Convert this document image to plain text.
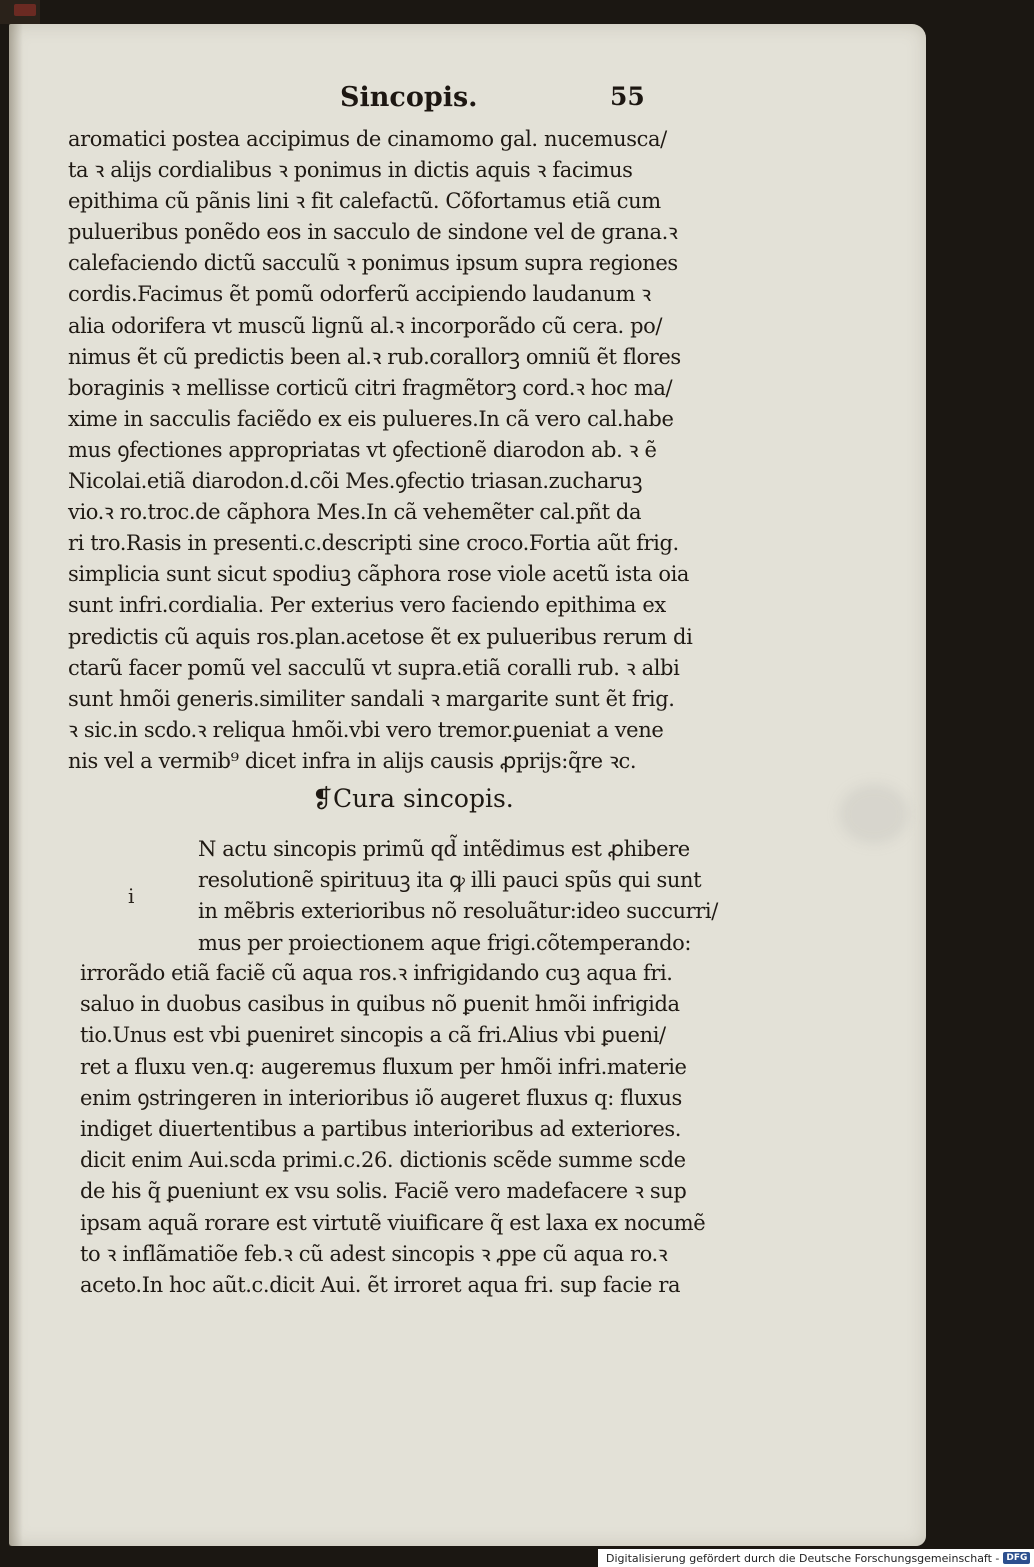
Sincopis.	55
aromatici postea accipimus de cinamomo gal. nucemusca/
ta ꝛ alijs cordialibus ꝛ ponimus in dictis aquis ꝛ facimus
epithima cũ pãnis lini ꝛ fit calefactũ. Cõfortamus etiã cum
pulueribus ponẽdo eos in sacculo de sindone vel de grana.ꝛ
calefaciendo dictũ sacculũ ꝛ ponimus ipsum supra regiones
cordis.Facimus ẽt pomũ odorferũ accipiendo laudanum ꝛ
alia odorifera vt muscũ lignũ al.ꝛ incorporãdo cũ cera. po/
nimus ẽt cũ predictis been al.ꝛ rub.corallorꝫ omniũ ẽt flores
boraginis ꝛ mellisse corticũ citri fragmẽtorꝫ cord.ꝛ hoc ma/
xime in sacculis faciẽdo ex eis pulueres.In cã vero cal.habe
mus ꝯfectiones appropriatas vt ꝯfectionẽ diarodon ab. ꝛ ẽ
Nicolai.etiã diarodon.d.cõi Mes.ꝯfectio triasan.zucharuꝫ
vio.ꝛ ro.troc.de cãphora Mes.In cã vehemẽter cal.pñt da
ri tro.Rasis in presenti.c.descripti sine croco.Fortia aũt frig.
simplicia sunt sicut spodiuꝫ cãphora rose viole acetũ ista oia
sunt infri.cordialia. Per exterius vero faciendo epithima ex
predictis cũ aquis ros.plan.acetose ẽt ex pulueribus rerum di
ctarũ facer pomũ vel sacculũ vt supra.etiã coralli rub. ꝛ albi
sunt hmõi generis.similiter sandali ꝛ margarite sunt ẽt frig.
ꝛ sic.in scdo.ꝛ reliqua hmõi.vbi vero tremor.ꝑueniat a vene
nis vel a vermib⁹ dicet infra in alijs causis ꝓprijs:q̃re ꝛc.
❡Cura sincopis.
i
N actu sincopis primũ qd̃ intẽdimus est ꝓhibere
resolutionẽ spirituuꝫ ita ꝙ illi pauci spũs qui sunt
in mẽbris exterioribus nõ resoluãtur:ideo succurri/
mus per proiectionem aque frigi.cõtemperando:
irrorãdo etiã faciẽ cũ aqua ros.ꝛ infrigidando cuꝫ aqua fri.
saluo in duobus casibus in quibus nõ ꝑuenit hmõi infrigida
tio.Unus est vbi ꝑueniret sincopis a cã fri.Alius vbi ꝑueni/
ret a fluxu ven.q: augeremus fluxum per hmõi infri.materie
enim ꝯstringeren in interioribus iõ augeret fluxus q: fluxus
indiget diuertentibus a partibus interioribus ad exteriores.
dicit enim Aui.scda primi.c.26. dictionis scẽde summe scde
de his q̃ ꝑueniunt ex vsu solis. Faciẽ vero madefacere ꝛ sup
ipsam aquã rorare est virtutẽ viuificare q̃ est laxa ex nocumẽ
to ꝛ inflãmatiõe feb.ꝛ cũ adest sincopis ꝛ ꝓpe cũ aqua ro.ꝛ
aceto.In hoc aũt.c.dicit Aui. ẽt irroret aqua fri. sup facie ra
Digitalisierung gefördert durch die Deutsche Forschungsgemeinschaft - DFG
